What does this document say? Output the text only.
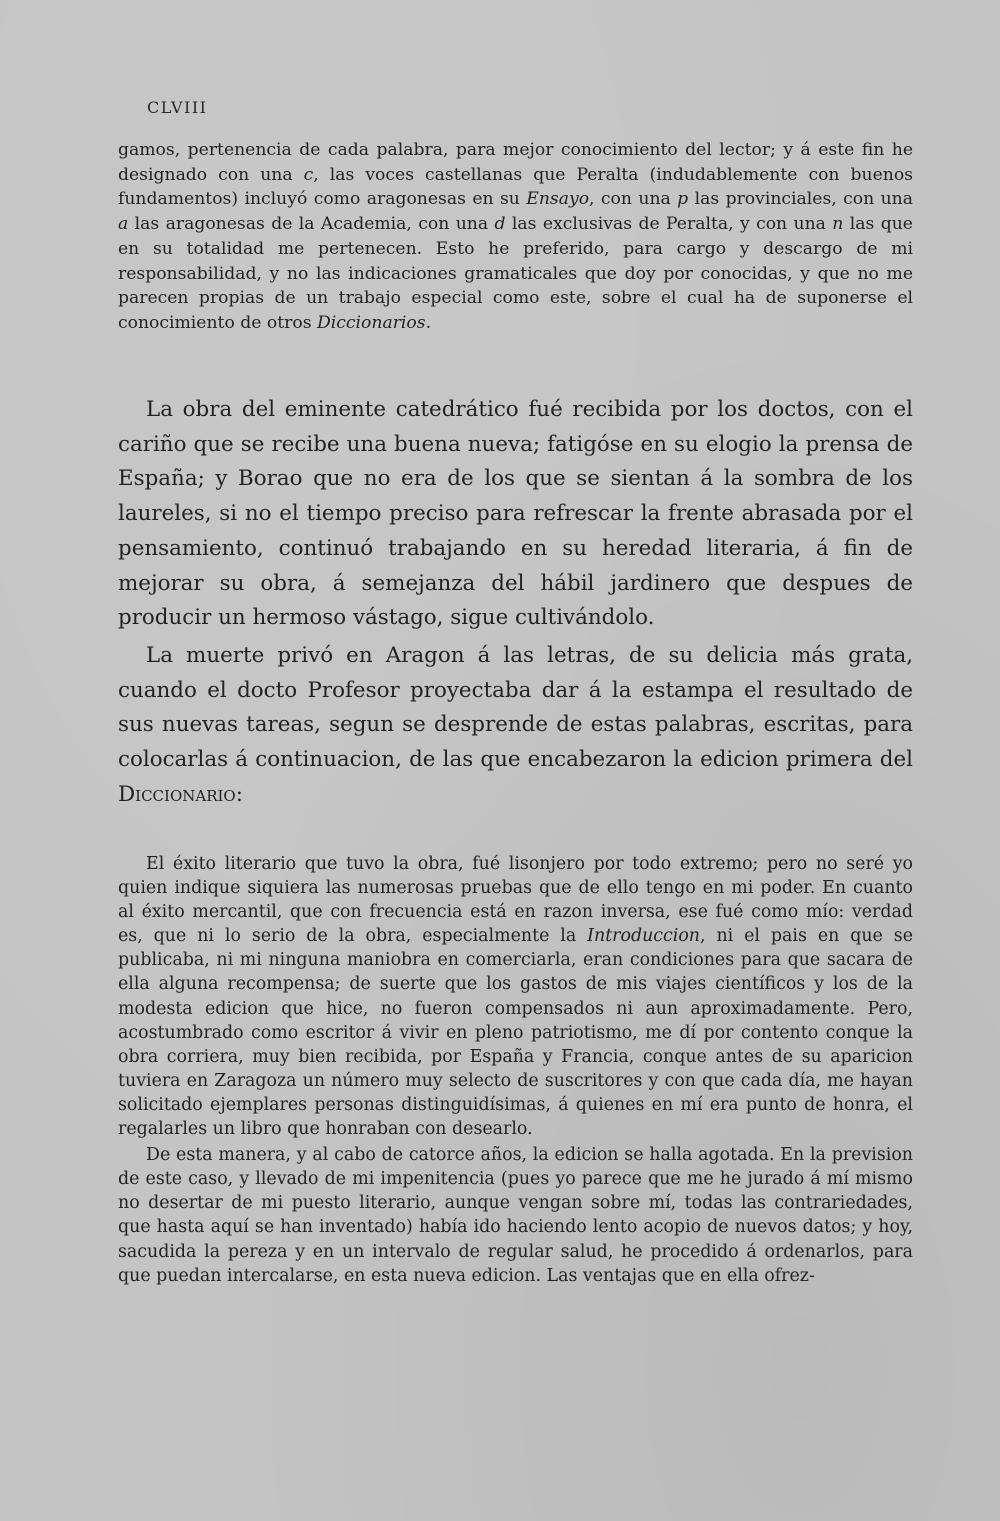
CLVIII

gamos, pertenencia de cada palabra, para mejor conocimiento del lector; y á este fin he designado con una c, las voces castellanas que Peralta (indudablemente con buenos fundamentos) incluyó como aragonesas en su Ensayo, con una p las provinciales, con una a las aragonesas de la Academia, con una d las exclusivas de Peralta, y con una n las que en su totalidad me pertenecen. Esto he preferido, para cargo y descargo de mi responsabilidad, y no las indicaciones gramaticales que doy por conocidas, y que no me parecen propias de un trabajo especial como este, sobre el cual ha de suponerse el conocimiento de otros Diccionarios.

La obra del eminente catedrático fué recibida por los doctos, con el cariño que se recibe una buena nueva; fatigóse en su elogio la prensa de España; y Borao que no era de los que se sientan á la sombra de los laureles, si no el tiempo preciso para refrescar la frente abrasada por el pensamiento, continuó trabajando en su heredad literaria, á fin de mejorar su obra, á semejanza del hábil jardinero que despues de producir un hermoso vástago, sigue cultivándolo.

La muerte privó en Aragon á las letras, de su delicia más grata, cuando el docto Profesor proyectaba dar á la estampa el resultado de sus nuevas tareas, segun se desprende de estas palabras, escritas, para colocarlas á continuacion, de las que encabezaron la edicion primera del Diccionario:

El éxito literario que tuvo la obra, fué lisonjero por todo extremo; pero no seré yo quien indique siquiera las numerosas pruebas que de ello tengo en mi poder. En cuanto al éxito mercantil, que con frecuencia está en razon inversa, ese fué como mío: verdad es, que ni lo serio de la obra, especialmente la Introduccion, ni el pais en que se publicaba, ni mi ninguna maniobra en comerciarla, eran condiciones para que sacara de ella alguna recompensa; de suerte que los gastos de mis viajes científicos y los de la modesta edicion que hice, no fueron compensados ni aun aproximadamente. Pero, acostumbrado como escritor á vivir en pleno patriotismo, me dí por contento conque la obra corriera, muy bien recibida, por España y Francia, conque antes de su aparicion tuviera en Zaragoza un número muy selecto de suscritores y con que cada día, me hayan solicitado ejemplares personas distinguidísimas, á quienes en mí era punto de honra, el regalarles un libro que honraban con desearlo.

De esta manera, y al cabo de catorce años, la edicion se halla agotada. En la prevision de este caso, y llevado de mi impenitencia (pues yo parece que me he jurado á mí mismo no desertar de mi puesto literario, aunque vengan sobre mí, todas las contrariedades, que hasta aquí se han inventado) había ido haciendo lento acopio de nuevos datos; y hoy, sacudida la pereza y en un intervalo de regular salud, he procedido á ordenarlos, para que puedan intercalarse, en esta nueva edicion. Las ventajas que en ella ofrez-
